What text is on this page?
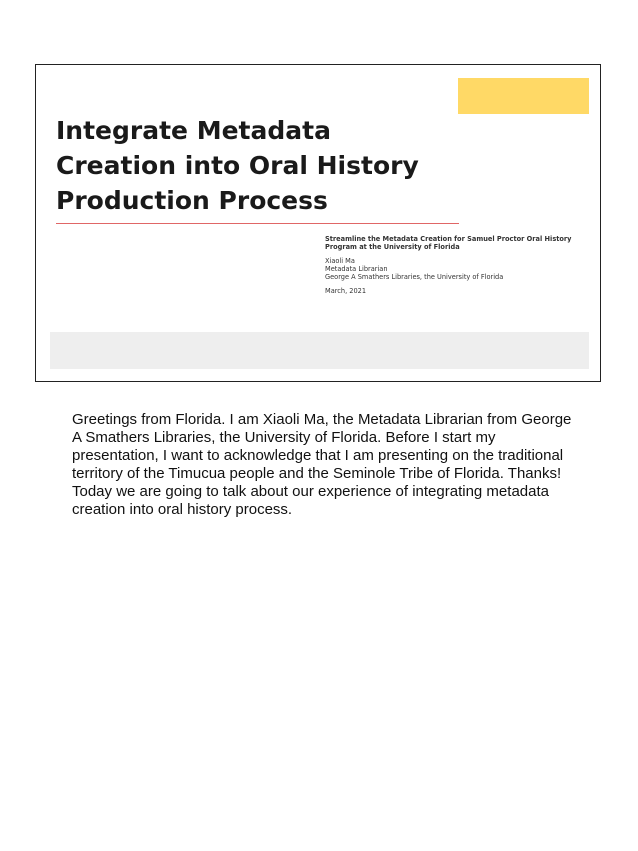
Integrate Metadata Creation into Oral History Production Process

Streamline the Metadata Creation for Samuel Proctor Oral History Program at the University of Florida

Xiaoli Ma
Metadata Librarian
George A Smathers Libraries, the University of Florida
March, 2021

Greetings from Florida. I am Xiaoli Ma, the Metadata Librarian from George A Smathers Libraries, the University of Florida. Before I start my presentation, I want to acknowledge that I am presenting on the traditional territory of the Timucua people and the Seminole Tribe of Florida. Thanks! Today we are going to talk about our experience of integrating metadata creation into oral history process.
